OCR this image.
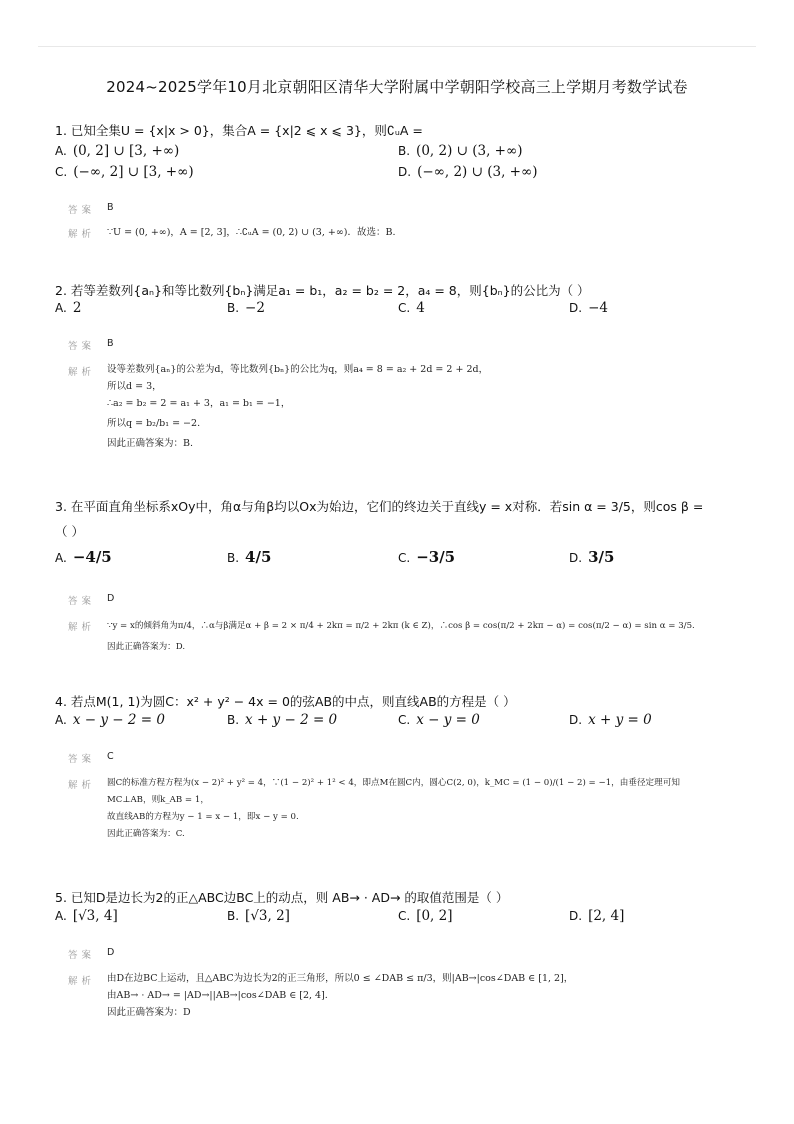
2024~2025学年10月北京朝阳区清华大学附属中学朝阳学校高三上学期月考数学试卷
1. 已知全集U = {x|x > 0}，集合A = {x|2 ⩽ x ⩽ 3}，则∁ᵤA =
A. (0, 2] ∪ [3, +∞)	B. (0, 2) ∪ (3, +∞)
C. (−∞, 2] ∪ [3, +∞)	D. (−∞, 2) ∪ (3, +∞)
答案 B
解析 ∵U = (0, +∞)，A = [2, 3]，∴∁ᵤA = (0, 2) ∪ (3, +∞)．故选：B.
2. 若等差数列{aₙ}和等比数列{bₙ}满足a₁ = b₁，a₂ = b₂ = 2，a₄ = 8，则{bₙ}的公比为（ ）
A. 2	B. −2	C. 4	D. −4
答案 B
解析 设等差数列{aₙ}的公差为d，等比数列{bₙ}的公比为q，则a₄ = 8 = a₂ + 2d = 2 + 2d，
所以d = 3，
∴a₂ = b₂ = 2 = a₁ + 3，a₁ = b₁ = −1，
所以q = b₂/b₁ = −2.
因此正确答案为：B.
3. 在平面直角坐标系xOy中，角α与角β均以Ox为始边，它们的终边关于直线y = x对称．若sin α = 3/5，则cos β =
（ ）
A. −4/5	B. 4/5	C. −3/5	D. 3/5
答案 D
解析 ∵y = x的倾斜角为π/4，∴α与β满足α + β = 2 × π/4 + 2kπ = π/2 + 2kπ (k ∈ Z)，∴cos β = cos(π/2 + 2kπ − α) = cos(π/2 − α) = sin α = 3/5.
因此正确答案为：D.
4. 若点M(1, 1)为圆C：x² + y² − 4x = 0的弦AB的中点，则直线AB的方程是（ ）
A. x − y − 2 = 0	B. x + y − 2 = 0	C. x − y = 0	D. x + y = 0
答案 C
解析 圆C的标准方程方程为(x − 2)² + y² = 4，∵(1 − 2)² + 1² < 4，即点M在圆C内，圆心C(2, 0)，k_MC = (1 − 0)/(1 − 2) = −1，由垂径定理可知
MC⊥AB，则k_AB = 1，
故直线AB的方程为y − 1 = x − 1，即x − y = 0.
因此正确答案为：C.
5. 已知D是边长为2的正△ABC边BC上的动点，则 AB→ · AD→ 的取值范围是（ ）
A. [√3, 4]	B. [√3, 2]	C. [0, 2]	D. [2, 4]
答案 D
解析 由D在边BC上运动，且△ABC为边长为2的正三角形，所以0 ≤ ∠DAB ≤ π/3，则|AB→|cos∠DAB ∈ [1, 2]，
由AB→ · AD→ = |AD→||AB→|cos∠DAB ∈ [2, 4].
因此正确答案为：D
